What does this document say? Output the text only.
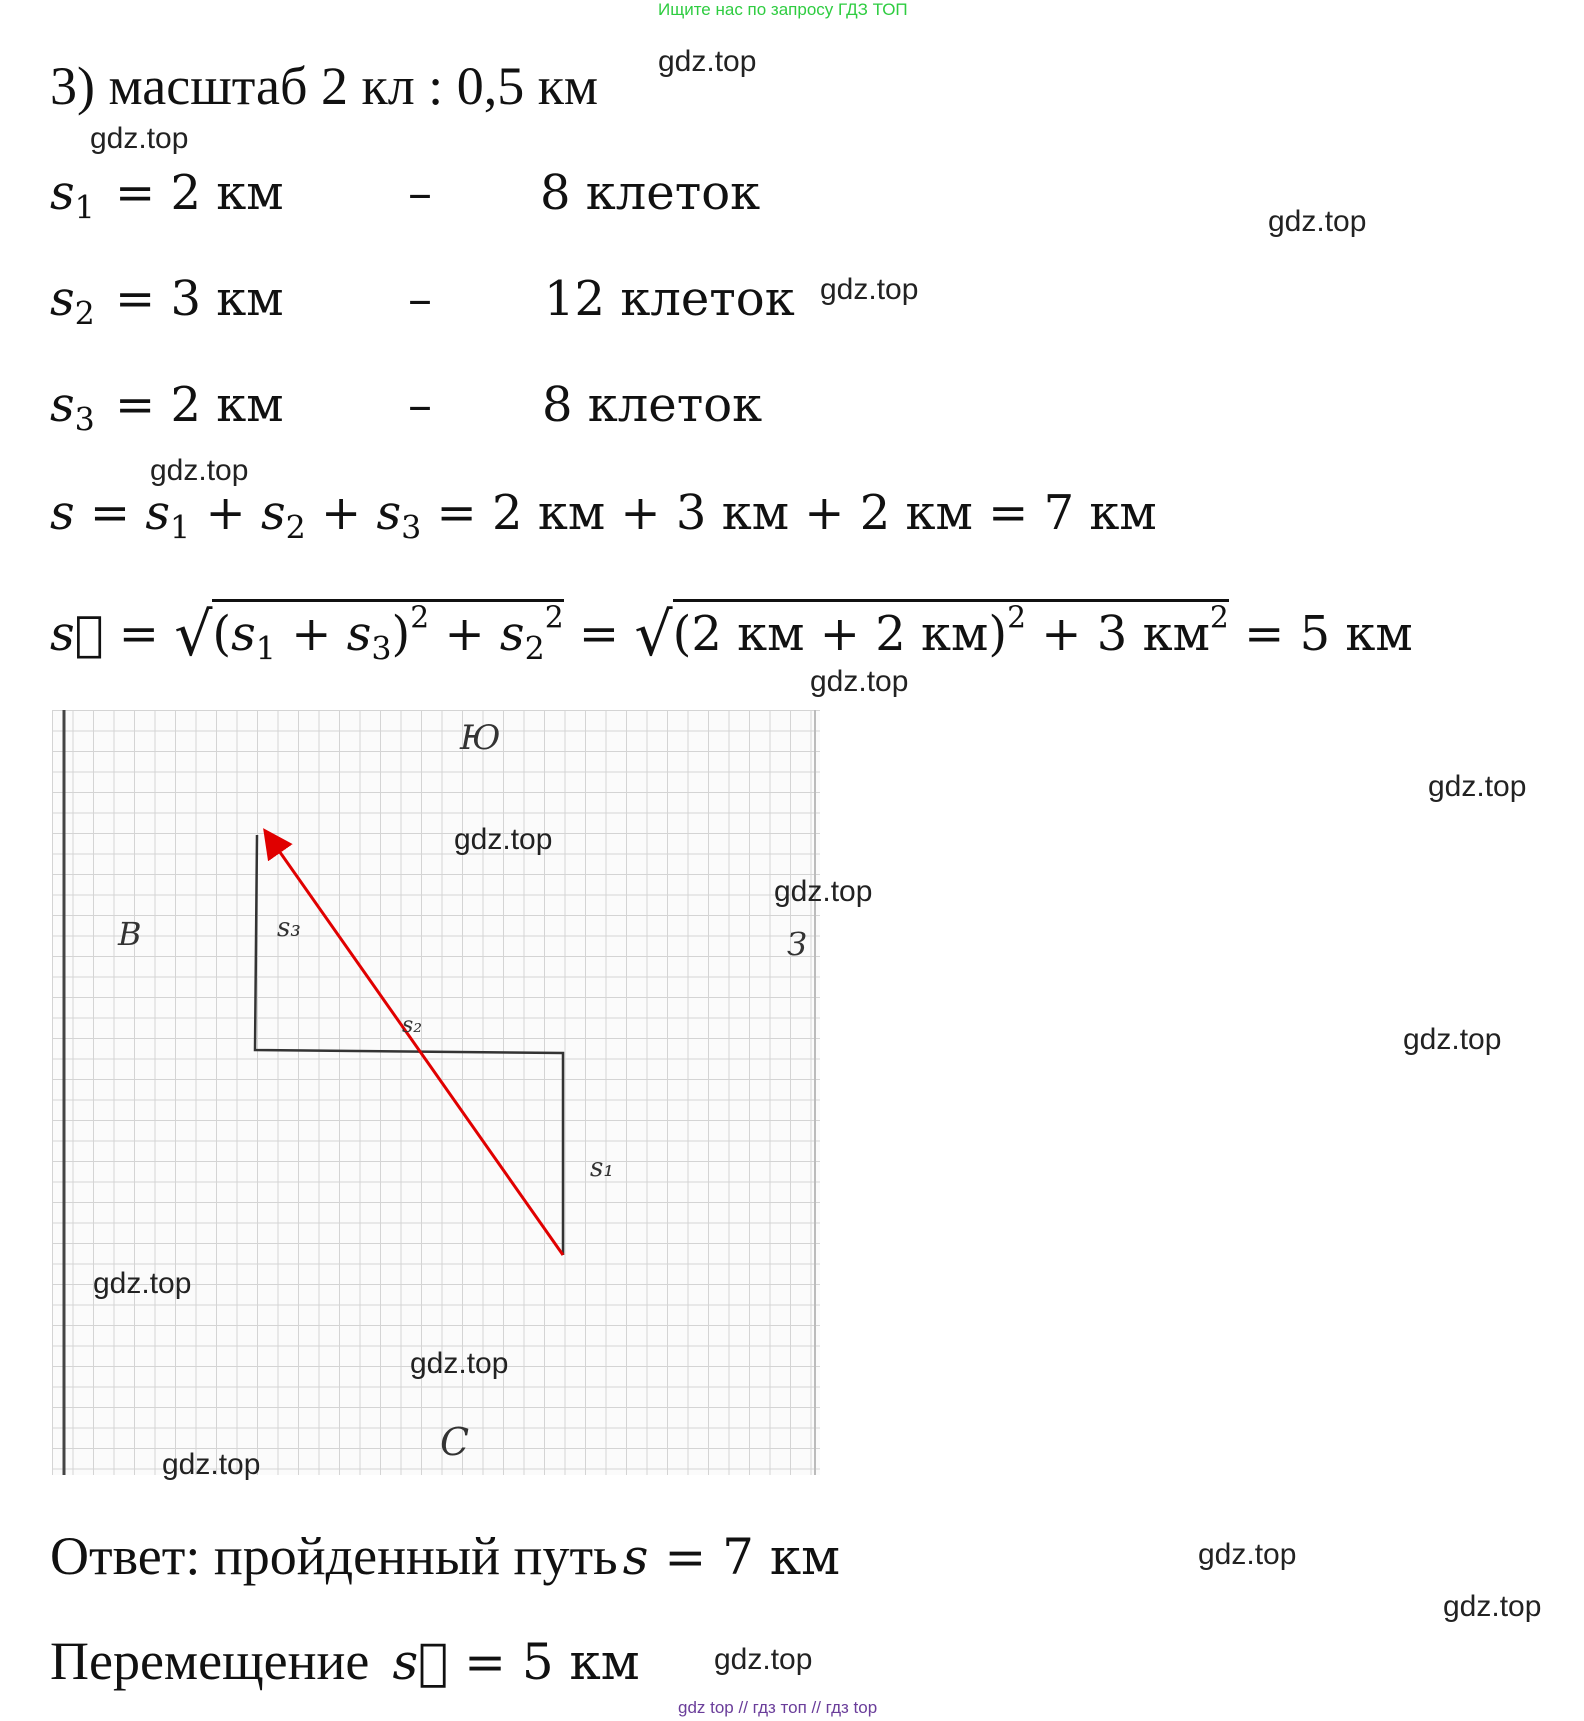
Ищите нас по запросу ГДЗ ТОП
3) масштаб 2 кл : 0,5 км
$s_1 = 2$ км	– 8 клеток
$s_2 = 3$ км	– 12 клеток
$s_3 = 2$ км	– 8 клеток
$s = s_1 + s_2 + s_3 = 2$ км + 3 км + 2 км = 7 км
s⃗ = $√(s_1 + s_3)^2 + s_2^2 = √(2$ км + 2 км)$^2$ + 3 $км^2 = 5$ км
Ю
В	З
С
s₃
s₂
s₁
Ответ: пройденный путь s = 7 км
Перемещение s⃗ = 5 км
gdz.top
gdz.top
gdz.top
gdz.top
gdz.top
gdz.top
gdz.top
gdz.top
gdz.top
gdz.top
gdz.top
gdz.top
gdz.top
gdz.top
gdz.top
gdz.top
gdz top // гдз топ // гдз top
